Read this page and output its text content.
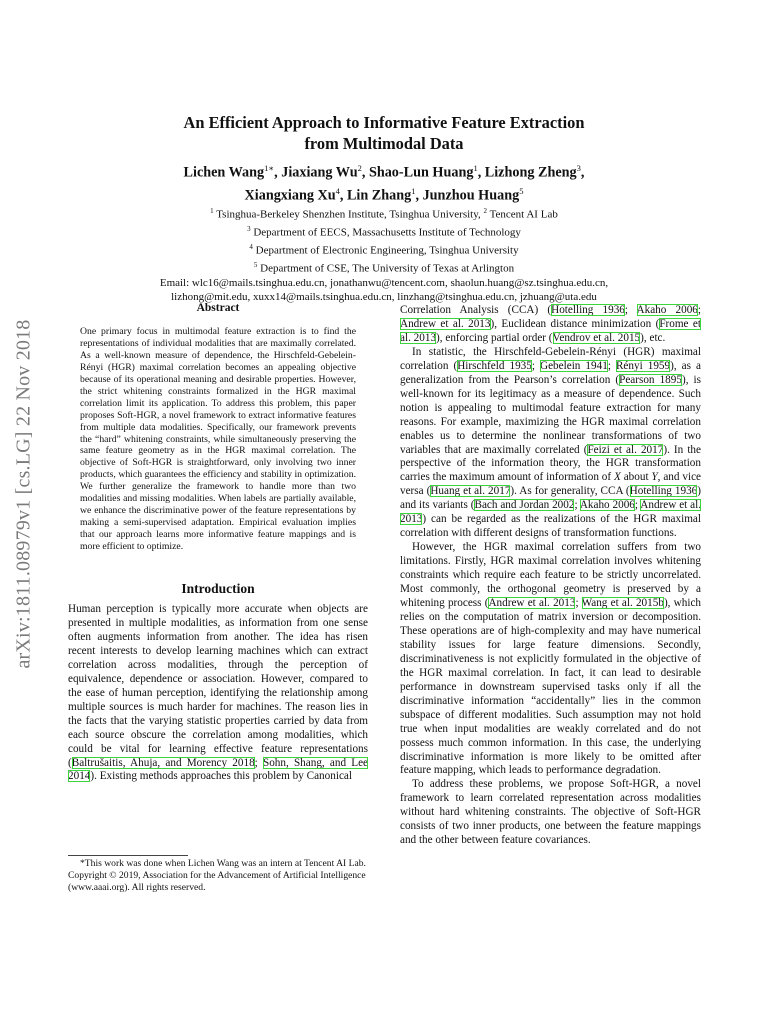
arXiv:1811.08979v1 [cs.LG] 22 Nov 2018
An Efficient Approach to Informative Feature Extraction
from Multimodal Data
Lichen Wang$^{1∗}$, Jiaxiang Wu$^2$, Shao-Lun Huang$^1$, Lizhong Zheng$^3$,
Xiangxiang Xu$^4$, Lin Zhang$^1$, Junzhou Huang$^5$
$^1$ Tsinghua-Berkeley Shenzhen Institute, Tsinghua University, $^2$ Tencent AI Lab
$^3$ Department of EECS, Massachusetts Institute of Technology
$^4$ Department of Electronic Engineering, Tsinghua University
$^5$ Department of CSE, The University of Texas at Arlington
Email: wlc16@mails.tsinghua.edu.cn, jonathanwu@tencent.com, shaolun.huang@sz.tsinghua.edu.cn,
lizhong@mit.edu, xuxx14@mails.tsinghua.edu.cn, linzhang@tsinghua.edu.cn, jzhuang@uta.edu
Abstract

One primary focus in multimodal feature extraction is to find the representations of individual modalities that are maximally correlated. As a well-known measure of dependence, the Hirschfeld-Gebelein-Rényi (HGR) maximal correlation becomes an appealing objective because of its operational meaning and desirable properties. However, the strict whitening constraints formalized in the HGR maximal correlation limit its application. To address this problem, this paper proposes Soft-HGR, a novel framework to extract informative features from multiple data modalities. Specifically, our framework prevents the “hard” whitening constraints, while simultaneously preserving the same feature geometry as in the HGR maximal correlation. The objective of Soft-HGR is straightforward, only involving two inner products, which guarantees the efficiency and stability in optimization. We further generalize the framework to handle more than two modalities and missing modalities. When labels are partially available, we enhance the discriminative power of the feature representations by making a semi-supervised adaptation. Empirical evaluation implies that our approach learns more informative feature mappings and is more efficient to optimize.

Introduction

Human perception is typically more accurate when objects are presented in multiple modalities, as information from one sense often augments information from another. The idea has risen recent interests to develop learning machines which can extract correlation across modalities, through the perception of equivalence, dependence or association. However, compared to the ease of human perception, identifying the relationship among multiple sources is much harder for machines. The reason lies in the facts that the varying statistic properties carried by data from each source obscure the correlation among modalities, which could be vital for learning effective feature representations (Baltrušaitis, Ahuja, and Morency 2018; Sohn, Shang, and Lee 2014). Existing methods approaches this problem by Canonical

*This work was done when Lichen Wang was an intern at Tencent AI Lab.

Copyright © 2019, Association for the Advancement of Artificial Intelligence (www.aaai.org). All rights reserved.

Correlation Analysis (CCA) (Hotelling 1936; Akaho 2006; Andrew et al. 2013), Euclidean distance minimization (Frome et al. 2013), enforcing partial order (Vendrov et al. 2015), etc.

In statistic, the Hirschfeld-Gebelein-Rényi (HGR) maximal correlation (Hirschfeld 1935; Gebelein 1941; Rényi 1959), as a generalization from the Pearson’s correlation (Pearson 1895), is well-known for its legitimacy as a measure of dependence. Such notion is appealing to multimodal feature extraction for many reasons. For example, maximizing the HGR maximal correlation enables us to determine the nonlinear transformations of two variables that are maximally correlated (Feizi et al. 2017). In the perspective of the information theory, the HGR transformation carries the maximum amount of information of X about Y, and vice versa (Huang et al. 2017). As for generality, CCA (Hotelling 1936) and its variants (Bach and Jordan 2002; Akaho 2006; Andrew et al. 2013) can be regarded as the realizations of the HGR maximal correlation with different designs of transformation functions.

However, the HGR maximal correlation suffers from two limitations. Firstly, HGR maximal correlation involves whitening constraints which require each feature to be strictly uncorrelated. Most commonly, the orthogonal geometry is preserved by a whitening process (Andrew et al. 2013; Wang et al. 2015b), which relies on the computation of matrix inversion or decomposition. These operations are of high-complexity and may have numerical stability issues for large feature dimensions. Secondly, discriminativeness is not explicitly formulated in the objective of the HGR maximal correlation. In fact, it can lead to desirable performance in downstream supervised tasks only if all the discriminative information “accidentally” lies in the common subspace of different modalities. Such assumption may not hold true when input modalities are weakly correlated and do not possess much common information. In this case, the underlying discriminative information is more likely to be omitted after feature mapping, which leads to performance degradation.

To address these problems, we propose Soft-HGR, a novel framework to learn correlated representation across modalities without hard whitening constraints. The objective of Soft-HGR consists of two inner products, one between the feature mappings and the other between feature covariances.
